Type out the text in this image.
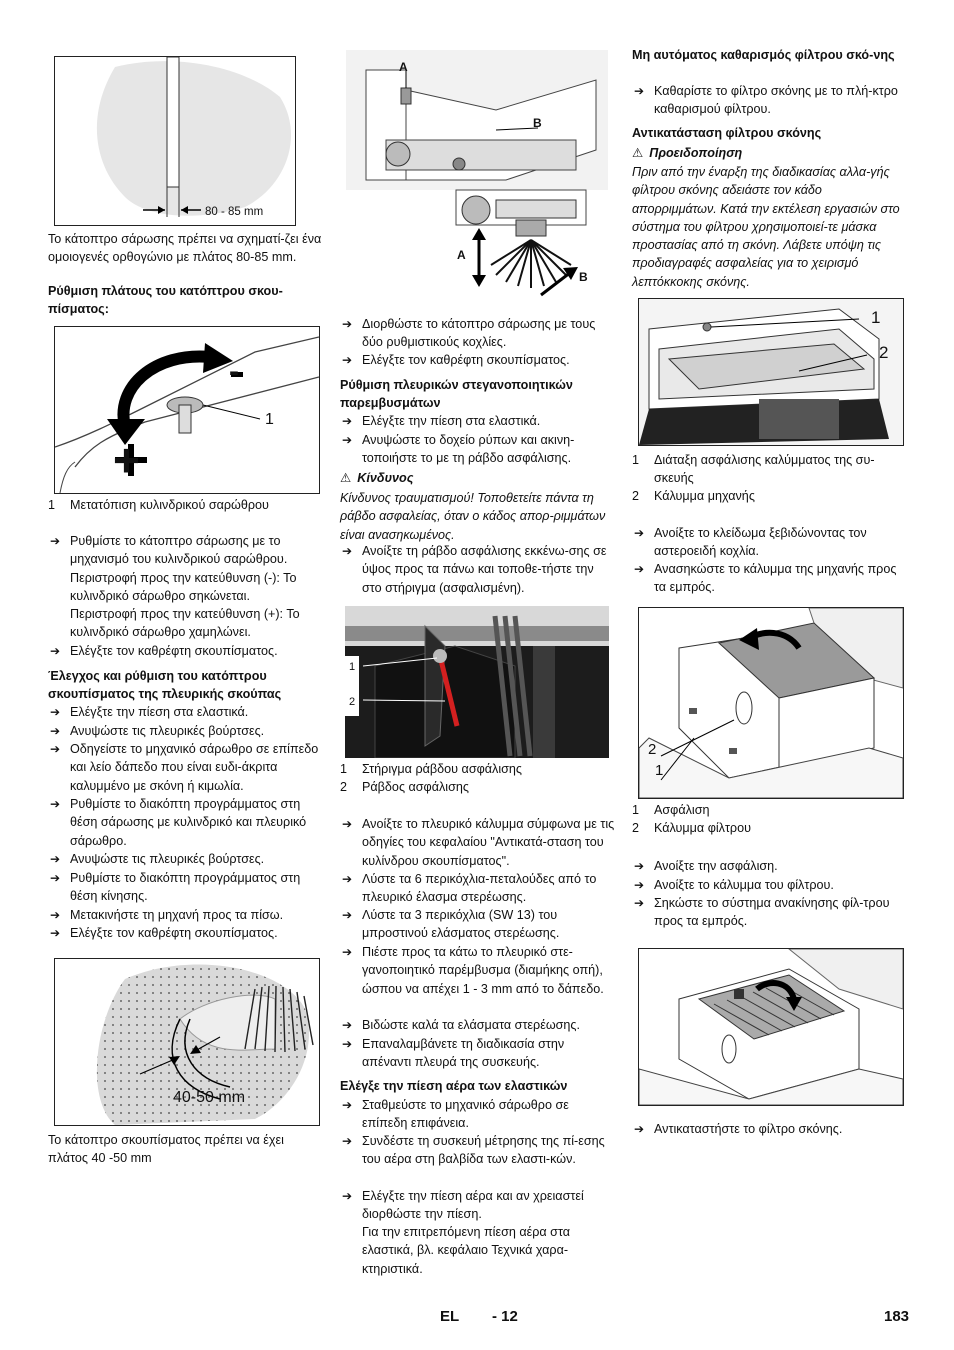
80 - 85 mm

Το κάτοπτρο σάρωσης πρέπει να σχηματί-ζει ένα ομοιογενές ορθογώνιο με πλάτος 80-85 mm.

Ρύθμιση πλάτους του κατόπτρου σκου-πίσματος:

1
-
+

1 Μετατόπιση κυλινδρικού σαρώθρου

➔ Ρυθμίστε το κάτοπτρο σάρωσης με το μηχανισμό του κυλινδρικού σαρώθρου.

Περιστροφή προς την κατεύθυνση (-): Το κυλινδρικό σάρωθρο σηκώνεται.

Περιστροφή προς την κατεύθυνση (+): Το κυλινδρικό σάρωθρο χαμηλώνει.

➔ Ελέγξτε τον καθρέφτη σκουπίσματος.

Έλεγχος και ρύθμιση του κατόπτρου σκουπίσματος της πλευρικής σκούπας

➔ Ελέγξτε την πίεση στα ελαστικά.

➔ Ανυψώστε τις πλευρικές βούρτσες.

➔ Οδηγείστε το μηχανικό σάρωθρο σε επίπεδο και λείο δάπεδο που είναι ευδι-άκριτα καλυμμένο με σκόνη ή κιμωλία.

➔ Ρυθμίστε το διακόπτη προγράμματος στη θέση σάρωσης με κυλινδρικό και πλευρικό σάρωθρο.

➔ Ανυψώστε τις πλευρικές βούρτσες.

➔ Ρυθμίστε το διακόπτη προγράμματος στη θέση κίνησης.

➔ Μετακινήστε τη μηχανή προς τα πίσω.

➔ Ελέγξτε τον καθρέφτη σκουπίσματος.

40-50 mm

Το κάτοπτρο σκουπίσματος πρέπει να έχει πλάτος 40 -50 mm

A
B
A
B

➔ Διορθώστε το κάτοπτρο σάρωσης με τους δύο ρυθμιστικούς κοχλίες.

➔ Ελέγξτε τον καθρέφτη σκουπίσματος.

Ρύθμιση πλευρικών στεγανοποιητικών παρεμβυσμάτων

➔ Ελέγξτε την πίεση στα ελαστικά.

➔ Ανυψώστε το δοχείο ρύπων και ακινη-τοποιήστε το με τη ράβδο ασφάλισης.

⚠ Κίνδυνος

Κίνδυνος τραυματισμού! Τοποθετείτε πάντα τη ράβδο ασφαλείας, όταν ο κάδος απορ-ριμμάτων είναι ανασηκωμένος.

➔ Ανοίξτε τη ράβδο ασφάλισης εκκένω-σης σε ύψος προς τα πάνω και τοποθε-τήστε την στο στήριγμα (ασφαλισμένη).

1
2

1 Στήριγμα ράβδου ασφάλισης

2 Ράβδος ασφάλισης

➔ Ανοίξτε το πλευρικό κάλυμμα σύμφωνα με τις οδηγίες του κεφαλαίου "Αντικατά-σταση του κυλίνδρου σκουπίσματος".

➔ Λύστε τα 6 περικόχλια-πεταλούδες από το πλευρικό έλασμα στερέωσης.

➔ Λύστε τα 3 περικόχλια (SW 13) του μπροστινού ελάσματος στερέωσης.

➔ Πιέστε προς τα κάτω το πλευρικό στε-γανοποιητικό παρέμβυσμα (διαμήκης οπή), ώσπου να απέχει 1 - 3 mm από το δάπεδο.

➔ Βιδώστε καλά τα ελάσματα στερέωσης.

➔ Επαναλαμβάνετε τη διαδικασία στην απέναντι πλευρά της συσκευής.

Ελέγξε την πίεση αέρα των ελαστικών

➔ Σταθμεύστε το μηχανικό σάρωθρο σε επίπεδη επιφάνεια.

➔ Συνδέστε τη συσκευή μέτρησης της πί-εσης του αέρα στη βαλβίδα των ελαστι-κών.

➔ Ελέγξτε την πίεση αέρα και αν χρειαστεί διορθώστε την πίεση.

Για την επιτρεπόμενη πίεση αέρα στα ελαστικά, βλ. κεφάλαιο Τεχνικά χαρα-κτηριστικά.

Μη αυτόματος καθαρισμός φίλτρου σκό-νης

➔ Καθαρίστε το φίλτρο σκόνης με το πλή-κτρο καθαρισμού φίλτρου.

Αντικατάσταση φίλτρου σκόνης

⚠ Προειδοποίηση

Πριν από την έναρξη της διαδικασίας αλλα-γής φίλτρου σκόνης αδειάστε τον κάδο απορριμμάτων. Κατά την εκτέλεση εργασιών στο σύστημα του φίλτρου χρησιμοποιεί-τε μάσκα προστασίας από τη σκόνη. Λάβετε υπόψη τις προδιαγραφές ασφαλείας για το χειρισμό λεπτόκκοκης σκόνης.

1
2

1 Διάταξη ασφάλισης καλύμματος της συ-σκευής

2 Κάλυμμα μηχανής

➔ Ανοίξτε το κλείδωμα ξεβιδώνοντας τον αστεροειδή κοχλία.

➔ Ανασηκώστε το κάλυμμα της μηχανής προς τα εμπρός.

2
1

1 Ασφάλιση

2 Κάλυμμα φίλτρου

➔ Ανοίξτε την ασφάλιση.

➔ Ανοίξτε το κάλυμμα του φίλτρου.

➔ Σηκώστε το σύστημα ανακίνησης φίλ-τρου προς τα εμπρός.

➔ Αντικαταστήστε το φίλτρο σκόνης.

EL - 12	183
